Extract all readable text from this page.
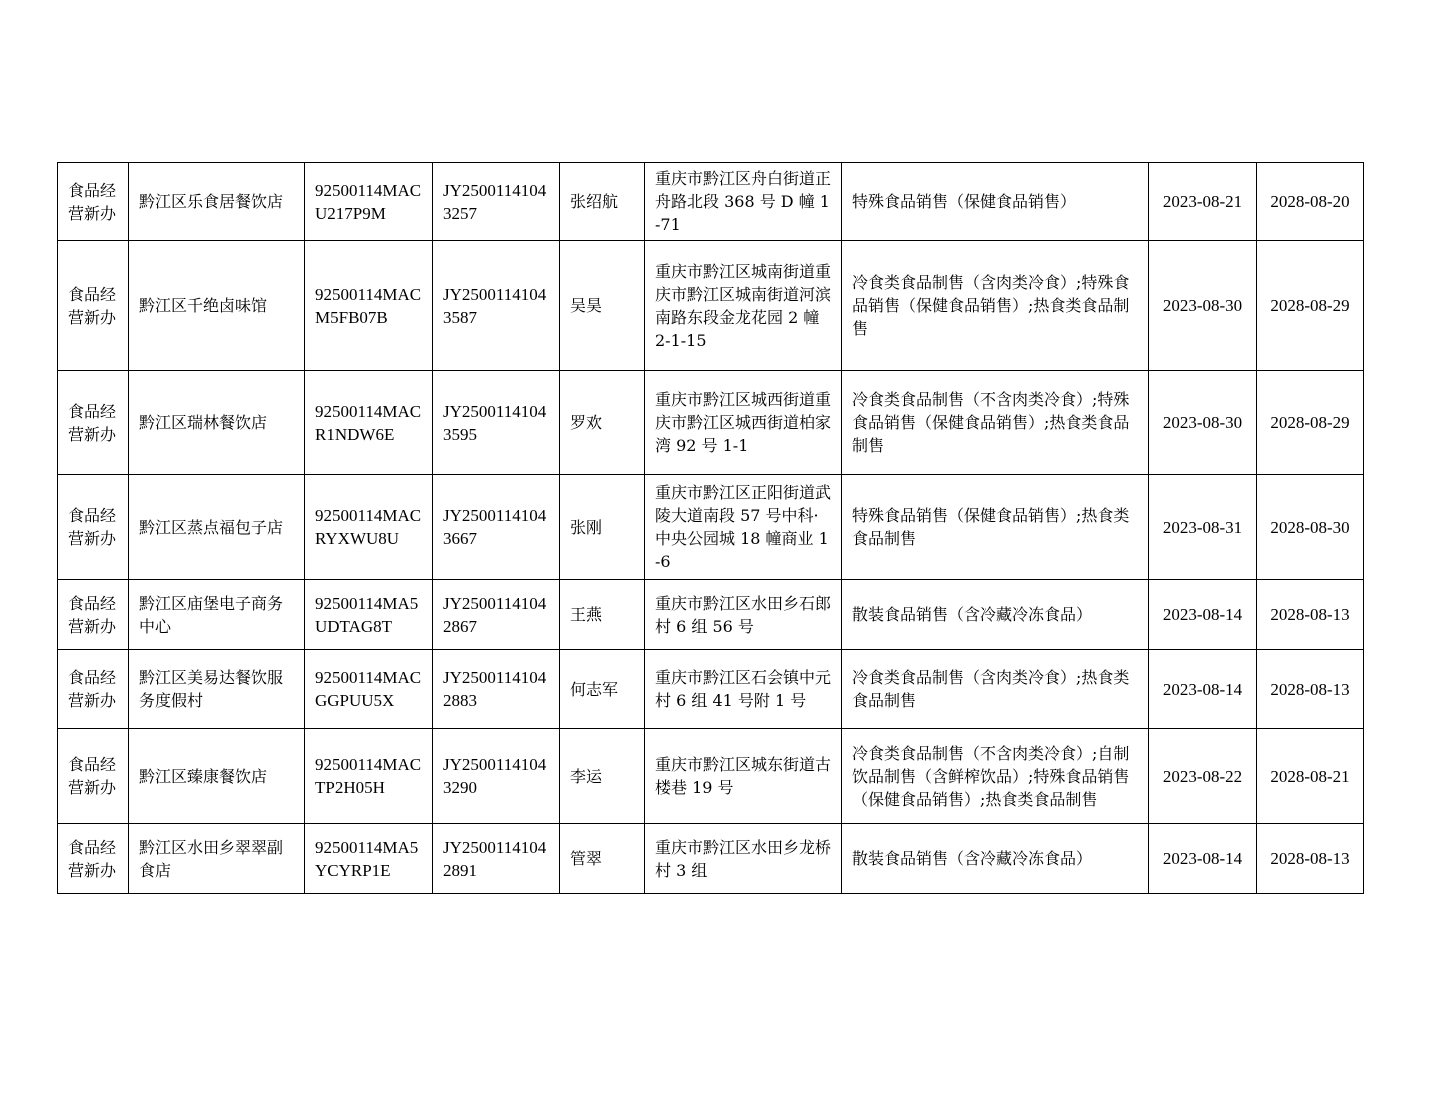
食品经营新办	黔江区乐食居餐饮店	92500114MACU217P9M	JY25001141043257	张绍航	重庆市黔江区舟白街道正舟路北段 368 号 D 幢 1-71	特殊食品销售（保健食品销售）	2023-08-21	2028-08-20
食品经营新办	黔江区千绝卤味馆	92500114MACM5FB07B	JY25001141043587	吴昊	重庆市黔江区城南街道重庆市黔江区城南街道河滨南路东段金龙花园 2 幢 2-1-15	冷食类食品制售（含肉类冷食）;特殊食品销售（保健食品销售）;热食类食品制售	2023-08-30	2028-08-29
食品经营新办	黔江区瑞林餐饮店	92500114MACR1NDW6E	JY25001141043595	罗欢	重庆市黔江区城西街道重庆市黔江区城西街道柏家湾 92 号 1-1	冷食类食品制售（不含肉类冷食）;特殊食品销售（保健食品销售）;热食类食品制售	2023-08-30	2028-08-29
食品经营新办	黔江区蒸点福包子店	92500114MACRYXWU8U	JY25001141043667	张刚	重庆市黔江区正阳街道武陵大道南段 57 号中科·中央公园城 18 幢商业 1-6	特殊食品销售（保健食品销售）;热食类食品制售	2023-08-31	2028-08-30
食品经营新办	黔江区庙堡电子商务中心	92500114MA5UDTAG8T	JY25001141042867	王燕	重庆市黔江区水田乡石郎村 6 组 56 号	散装食品销售（含冷藏冷冻食品）	2023-08-14	2028-08-13
食品经营新办	黔江区美易达餐饮服务度假村	92500114MACGGPUU5X	JY25001141042883	何志军	重庆市黔江区石会镇中元村 6 组 41 号附 1 号	冷食类食品制售（含肉类冷食）;热食类食品制售	2023-08-14	2028-08-13
食品经营新办	黔江区臻康餐饮店	92500114MACTP2H05H	JY25001141043290	李运	重庆市黔江区城东街道古楼巷 19 号	冷食类食品制售（不含肉类冷食）;自制饮品制售（含鲜榨饮品）;特殊食品销售（保健食品销售）;热食类食品制售	2023-08-22	2028-08-21
食品经营新办	黔江区水田乡翠翠副食店	92500114MA5YCYRP1E	JY25001141042891	管翠	重庆市黔江区水田乡龙桥村 3 组	散装食品销售（含冷藏冷冻食品）	2023-08-14	2028-08-13
